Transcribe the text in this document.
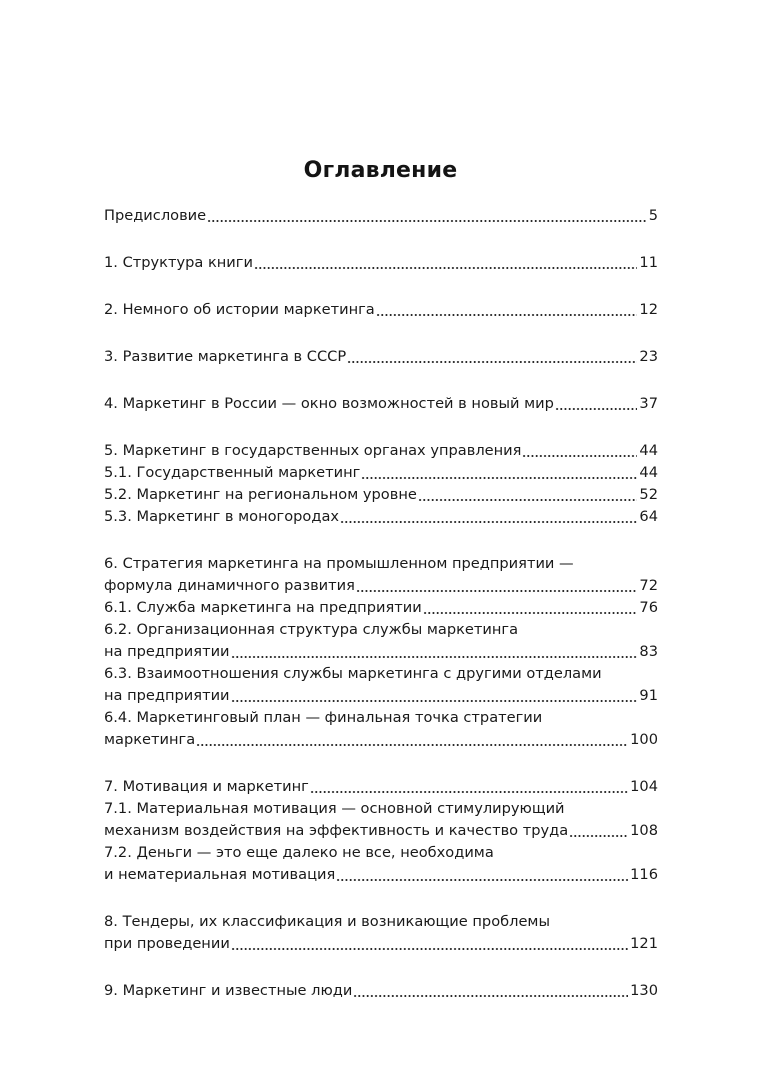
Оглавление
Предисловие	5
1. Структура книги	11
2. Немного об истории маркетинга	12
3. Развитие маркетинга в СССР	23
4. Маркетинг в России — окно возможностей в новый мир	37
5. Маркетинг в государственных органах управления	44
5.1. Государственный маркетинг	44
5.2. Маркетинг на региональном уровне	52
5.3. Маркетинг в моногородах	64
6. Стратегия маркетинга на промышленном предприятии —
формула динамичного развития	72
6.1. Служба маркетинга на предприятии	76
6.2. Организационная структура службы маркетинга
на предприятии	83
6.3. Взаимоотношения службы маркетинга с другими отделами
на предприятии	91
6.4. Маркетинговый план — финальная точка стратегии
маркетинга	100
7. Мотивация и маркетинг	104
7.1. Материальная мотивация — основной стимулирующий
механизм воздействия на эффективность и качество труда	108
7.2. Деньги — это еще далеко не все, необходима
и нематериальная мотивация	116
8. Тендеры, их классификация и возникающие проблемы
при проведении	121
9. Маркетинг и известные люди	130
